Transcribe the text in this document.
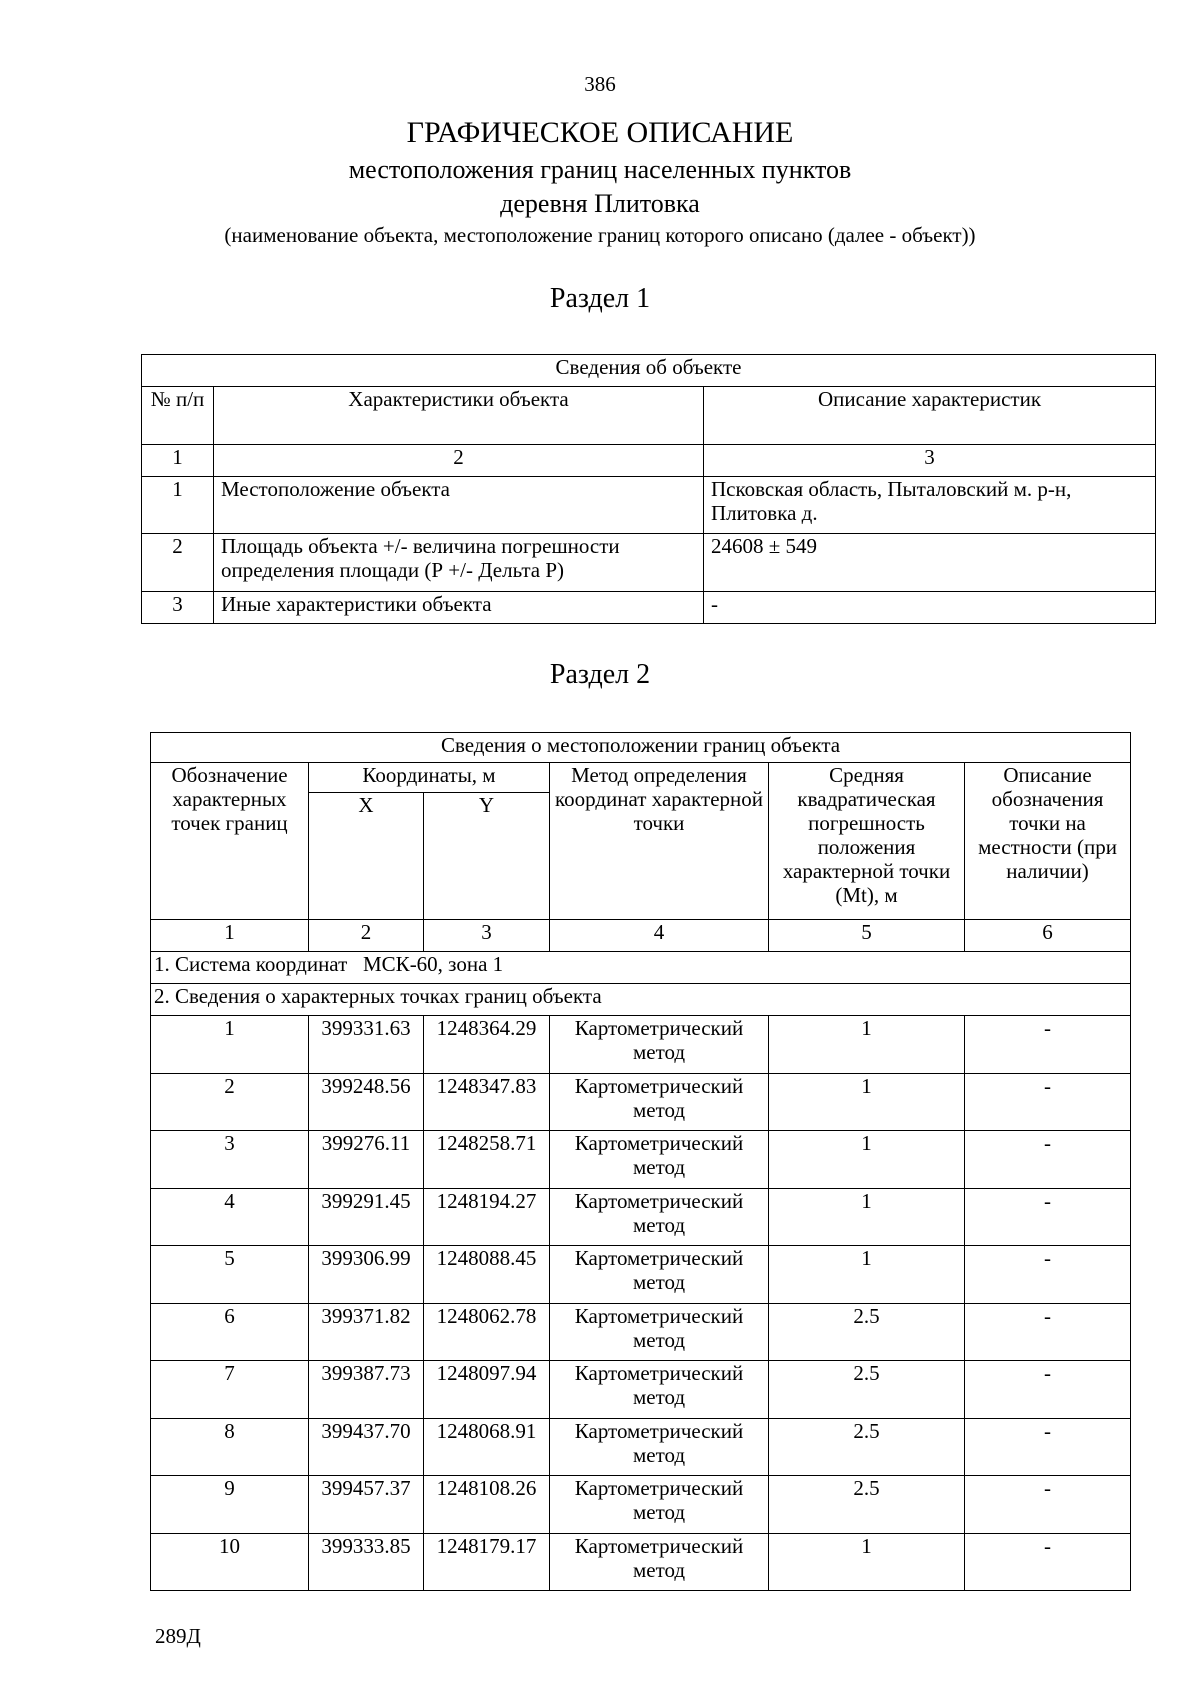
386
ГРАФИЧЕСКОЕ ОПИСАНИЕ
местоположения границ населенных пунктов
деревня Плитовка
(наименование объекта, местоположение границ которого описано (далее - объект))
Раздел 1
Сведения об объекте		
№ п/п	Характеристики объекта	Описание характеристик
1	2	3
1	Местоположение объекта	Псковская область, Пыталовский м. р-н, Плитовка д.
2	Площадь объекта +/- величина погрешности определения площади (Р +/- Дельта Р)	24608 ± 549
3	Иные характеристики объекта	-
Раздел 2
Сведения о местоположении границ объекта					
Обозначение характерных точек границ	Координаты, м		Метод определения координат характерной точки	Средняя квадратическая погрешность положения характерной точки (Mt), м	Описание обозначения точки на местности (при наличии)
	X	Y			
1	2	3	4	5	6
1. Система координат   МСК-60, зона 1					
2. Сведения о характерных точках границ объекта					
1	399331.63	1248364.29	Картометрический метод	1	-
2	399248.56	1248347.83	Картометрический метод	1	-
3	399276.11	1248258.71	Картометрический метод	1	-
4	399291.45	1248194.27	Картометрический метод	1	-
5	399306.99	1248088.45	Картометрический метод	1	-
6	399371.82	1248062.78	Картометрический метод	2.5	-
7	399387.73	1248097.94	Картометрический метод	2.5	-
8	399437.70	1248068.91	Картометрический метод	2.5	-
9	399457.37	1248108.26	Картометрический метод	2.5	-
10	399333.85	1248179.17	Картометрический метод	1	-
289Д
